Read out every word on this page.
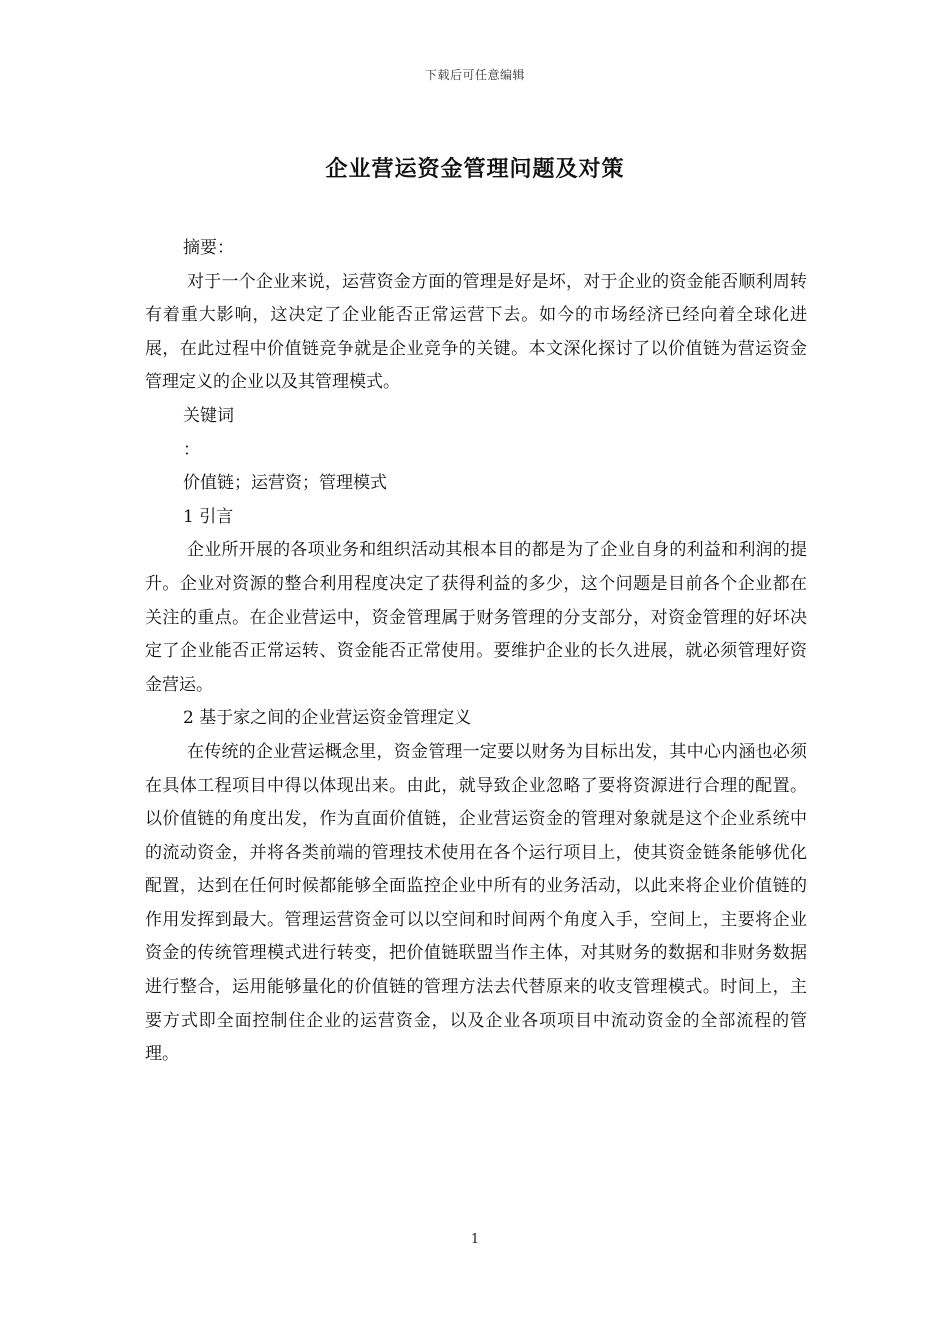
下载后可任意编辑
企业营运资金管理问题及对策

摘要：

对于一个企业来说，运营资金方面的管理是好是坏，对于企业的资金能否顺利周转有着重大影响，这决定了企业能否正常运营下去。如今的市场经济已经向着全球化进展，在此过程中价值链竞争就是企业竞争的关键。本文深化探讨了以价值链为营运资金管理定义的企业以及其管理模式。

关键词

：

价值链；运营资；管理模式

1 引言

企业所开展的各项业务和组织活动其根本目的都是为了企业自身的利益和利润的提升。企业对资源的整合利用程度决定了获得利益的多少，这个问题是目前各个企业都在关注的重点。在企业营运中，资金管理属于财务管理的分支部分，对资金管理的好坏决定了企业能否正常运转、资金能否正常使用。要维护企业的长久进展，就必须管理好资金营运。

2 基于家之间的企业营运资金管理定义

在传统的企业营运概念里，资金管理一定要以财务为目标出发，其中心内涵也必须在具体工程项目中得以体现出来。由此，就导致企业忽略了要将资源进行合理的配置。以价值链的角度出发，作为直面价值链，企业营运资金的管理对象就是这个企业系统中的流动资金，并将各类前端的管理技术使用在各个运行项目上，使其资金链条能够优化配置，达到在任何时候都能够全面监控企业中所有的业务活动，以此来将企业价值链的作用发挥到最大。管理运营资金可以以空间和时间两个角度入手，空间上，主要将企业资金的传统管理模式进行转变，把价值链联盟当作主体，对其财务的数据和非财务数据进行整合，运用能够量化的价值链的管理方法去代替原来的收支管理模式。时间上，主要方式即全面控制住企业的运营资金，以及企业各项项目中流动资金的全部流程的管理。

1
